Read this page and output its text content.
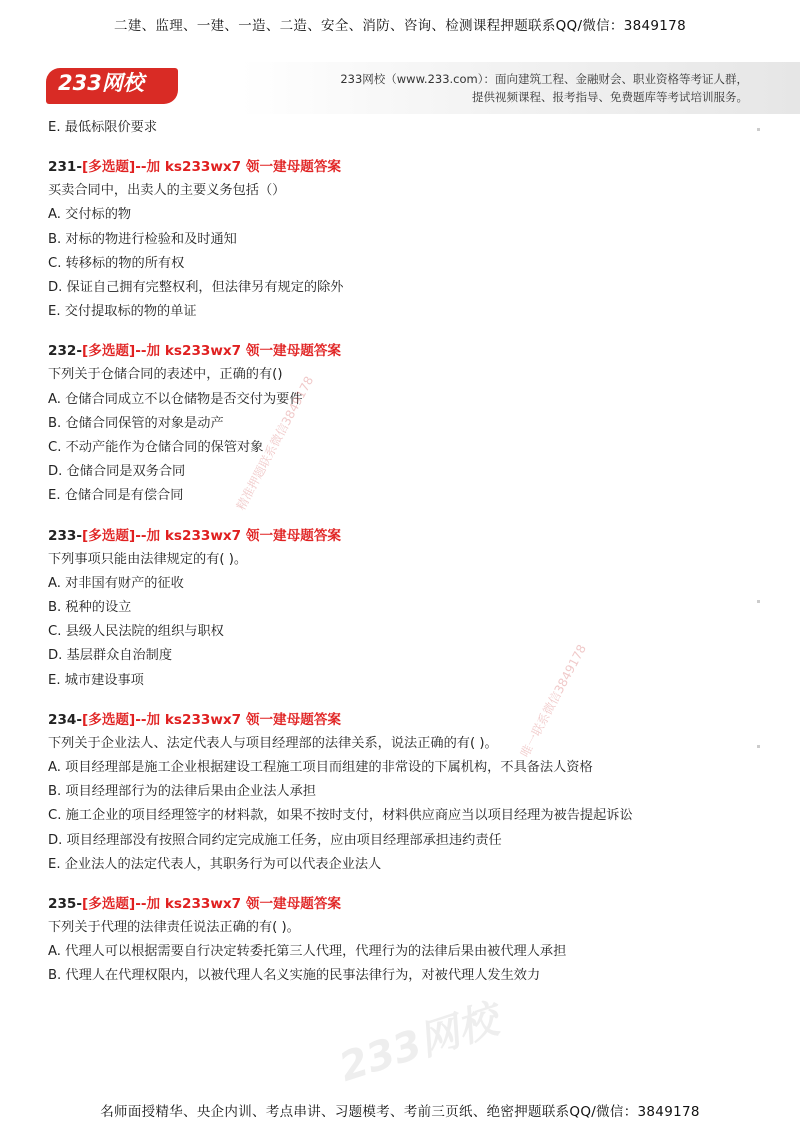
二建、监理、一建、一造、二造、安全、消防、咨询、检测课程押题联系QQ/微信：3849178
233网校
233.com
233网校（www.233.com）：面向建筑工程、金融财会、职业资格等考证人群，
提供视频课程、报考指导、免费题库等考试培训服务。
E. 最低标限价要求
231-[多选题]--加 ks233wx7 领一建母题答案
买卖合同中，出卖人的主要义务包括（）
A. 交付标的物
B. 对标的物进行检验和及时通知
C. 转移标的物的所有权
D. 保证自己拥有完整权利，但法律另有规定的除外
E. 交付提取标的物的单证
232-[多选题]--加 ks233wx7 领一建母题答案
下列关于仓储合同的表述中，正确的有()
A. 仓储合同成立不以仓储物是否交付为要件
B. 仓储合同保管的对象是动产
C. 不动产能作为仓储合同的保管对象
D. 仓储合同是双务合同
E. 仓储合同是有偿合同
233-[多选题]--加 ks233wx7 领一建母题答案
下列事项只能由法律规定的有( )。
A. 对非国有财产的征收
B. 税种的设立
C. 县级人民法院的组织与职权
D. 基层群众自治制度
E. 城市建设事项
234-[多选题]--加 ks233wx7 领一建母题答案
下列关于企业法人、法定代表人与项目经理部的法律关系，说法正确的有( )。
A. 项目经理部是施工企业根据建设工程施工项目而组建的非常设的下属机构，不具备法人资格
B. 项目经理部行为的法律后果由企业法人承担
C. 施工企业的项目经理签字的材料款，如果不按时支付，材料供应商应当以项目经理为被告提起诉讼
D. 项目经理部没有按照合同约定完成施工任务，应由项目经理部承担违约责任
E. 企业法人的法定代表人，其职务行为可以代表企业法人
235-[多选题]--加 ks233wx7 领一建母题答案
下列关于代理的法律责任说法正确的有( )。
A. 代理人可以根据需要自行决定转委托第三人代理，代理行为的法律后果由被代理人承担
B. 代理人在代理权限内，以被代理人名义实施的民事法律行为，对被代理人发生效力
精准押题联系微信3849178
唯一联系微信3849178
233网校
名师面授精华、央企内训、考点串讲、习题模考、考前三页纸、绝密押题联系QQ/微信：3849178
